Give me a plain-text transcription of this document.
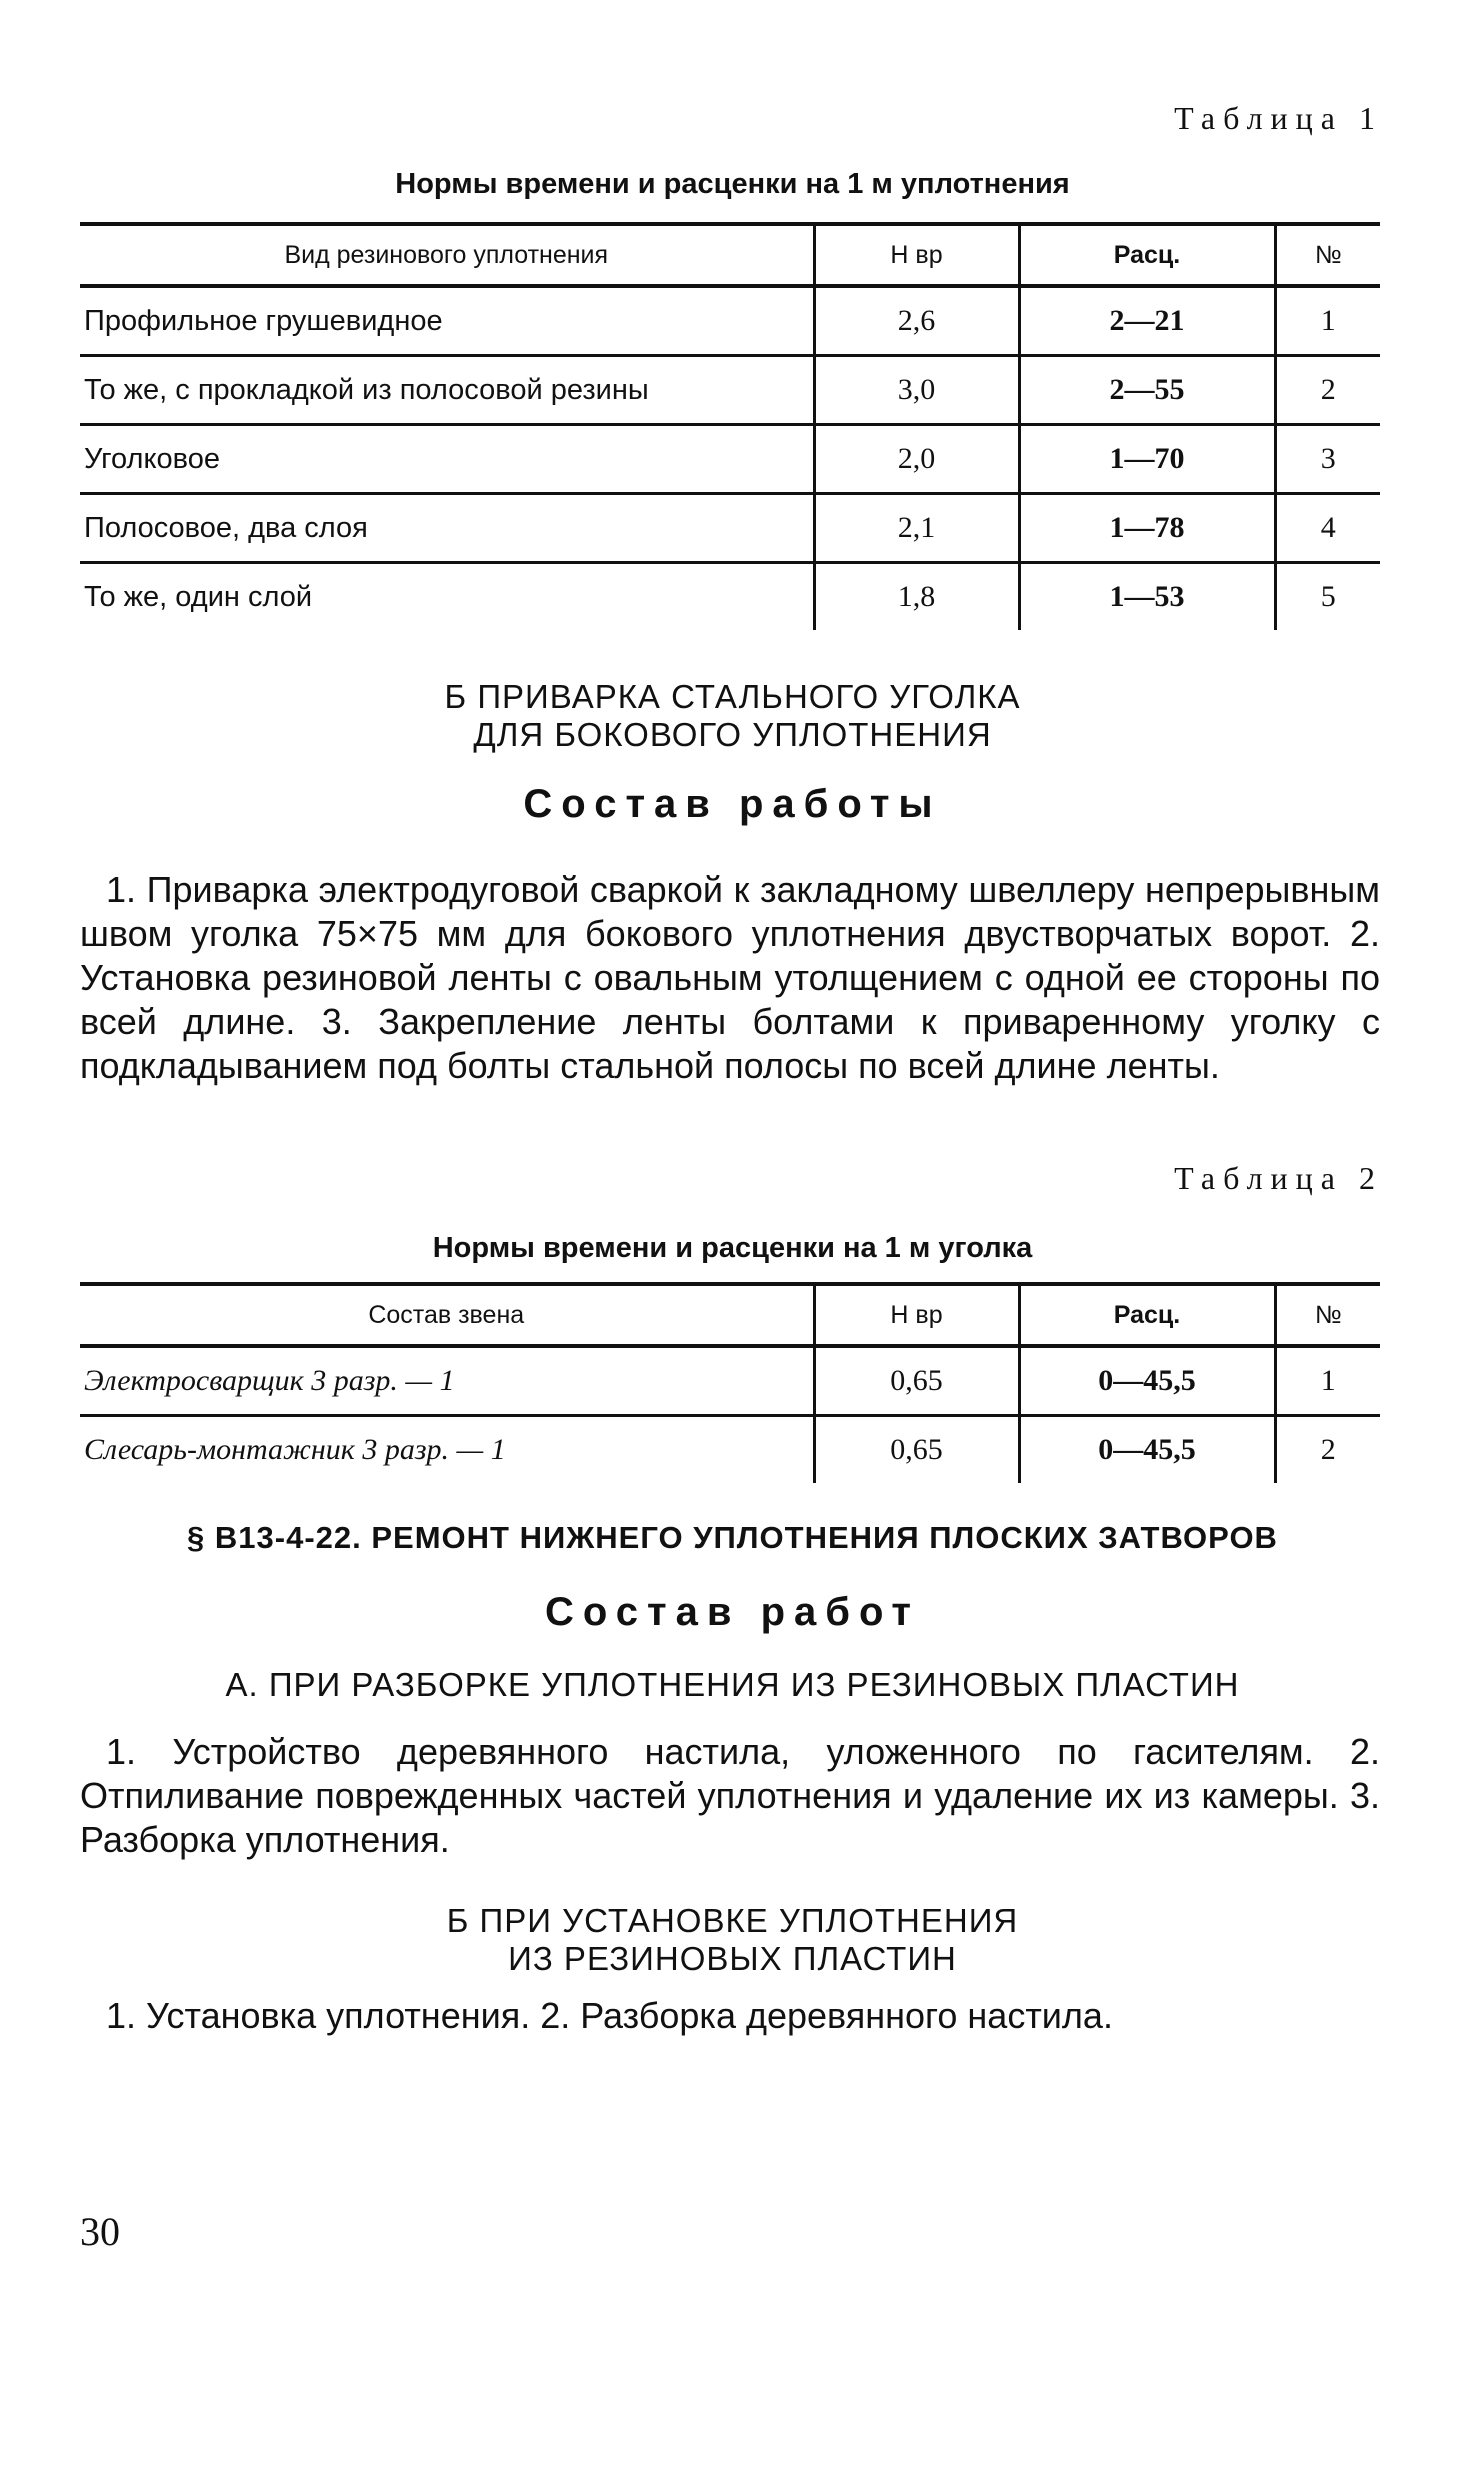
Таблица 1
Нормы времени и расценки на 1 м уплотнения
Вид резинового уплотнения	Н вр	Расц.	№
Профильное грушевидное	2,6	2—21	1
То же, с прокладкой из полосовой резины	3,0	2—55	2
Уголковое	2,0	1—70	3
Полосовое, два слоя	2,1	1—78	4
То же, один слой	1,8	1—53	5
Б ПРИВАРКА СТАЛЬНОГО УГОЛКА
ДЛЯ БОКОВОГО УПЛОТНЕНИЯ
Состав работы
1. Приварка электродуговой сваркой к закладному швеллеру непрерывным швом уголка 75×75 мм для бокового уплотнения двустворчатых ворот. 2. Установка резиновой ленты с овальным утолщением с одной ее стороны по всей длине. 3. Закрепление ленты болтами к приваренному уголку с подкладыванием под болты стальной полосы по всей длине ленты.
Таблица 2
Нормы времени и расценки на 1 м уголка
Состав звена	Н вр	Расц.	№
Электросварщик 3 разр. — 1	0,65	0—45,5	1
Слесарь-монтажник 3 разр. — 1	0,65	0—45,5	2
§ В13-4-22. РЕМОНТ НИЖНЕГО УПЛОТНЕНИЯ ПЛОСКИХ ЗАТВОРОВ
Состав работ
А. ПРИ РАЗБОРКЕ УПЛОТНЕНИЯ ИЗ РЕЗИНОВЫХ ПЛАСТИН
1. Устройство деревянного настила, уложенного по гасителям. 2. Отпиливание поврежденных частей уплотнения и удаление их из камеры. 3. Разборка уплотнения.
Б ПРИ УСТАНОВКЕ УПЛОТНЕНИЯ
ИЗ РЕЗИНОВЫХ ПЛАСТИН
1. Установка уплотнения. 2. Разборка деревянного настила.
30
